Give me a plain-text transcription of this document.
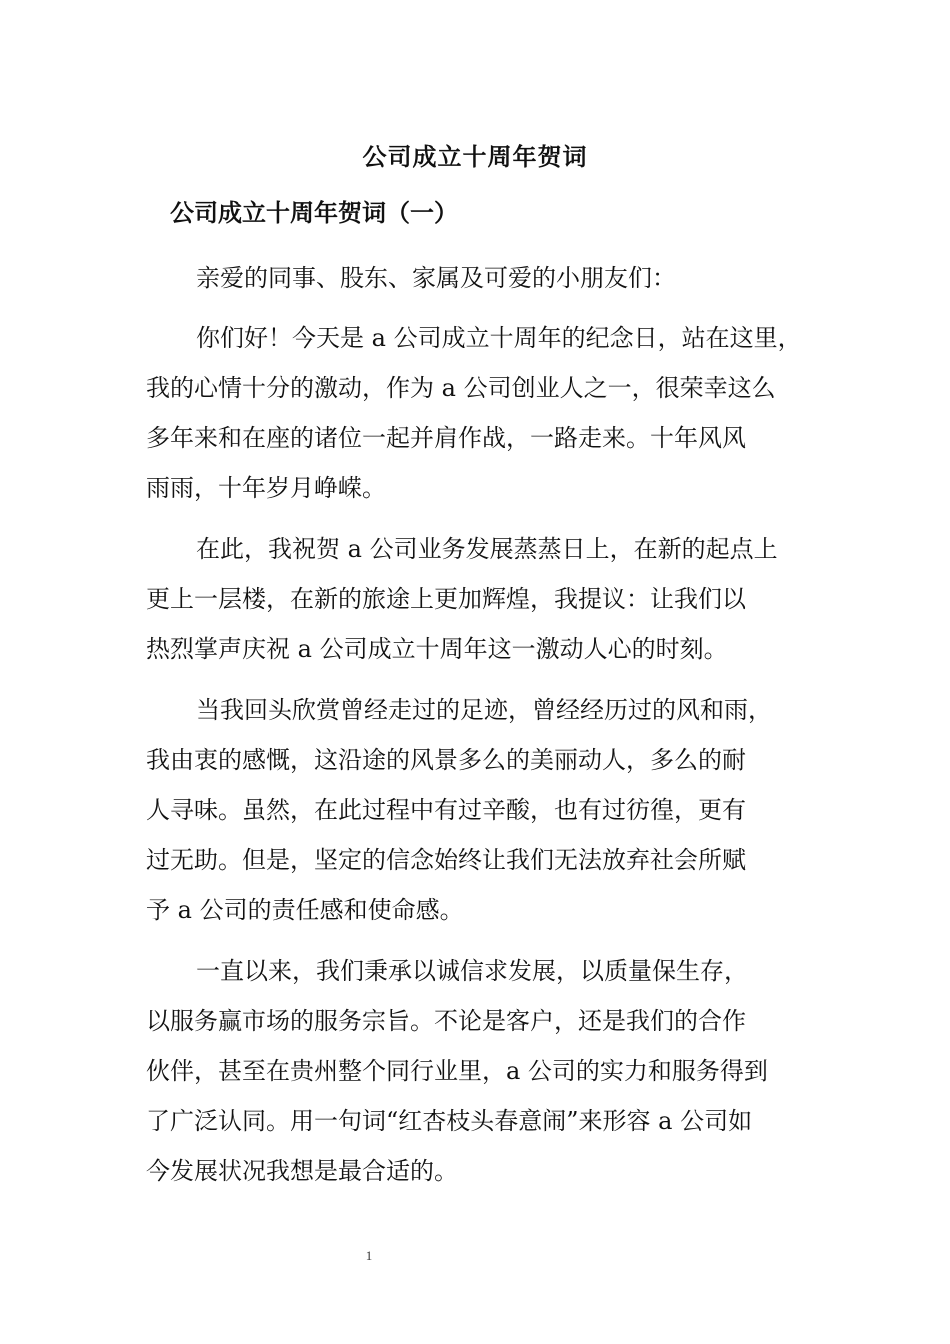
公司成立十周年贺词
公司成立十周年贺词（一）
亲爱的同事、股东、家属及可爱的小朋友们：
你们好！今天是 a 公司成立十周年的纪念日，站在这里，
我的心情十分的激动，作为 a 公司创业人之一，很荣幸这么
多年来和在座的诸位一起并肩作战，一路走来。十年风风
雨雨，十年岁月峥嵘。
在此，我祝贺 a 公司业务发展蒸蒸日上，在新的起点上
更上一层楼，在新的旅途上更加辉煌，我提议：让我们以
热烈掌声庆祝 a 公司成立十周年这一激动人心的时刻。
当我回头欣赏曾经走过的足迹，曾经经历过的风和雨，
我由衷的感慨，这沿途的风景多么的美丽动人，多么的耐
人寻味。虽然，在此过程中有过辛酸，也有过彷徨，更有
过无助。但是，坚定的信念始终让我们无法放弃社会所赋
予 a 公司的责任感和使命感。
一直以来，我们秉承以诚信求发展，以质量保生存，
以服务赢市场的服务宗旨。不论是客户，还是我们的合作
伙伴，甚至在贵州整个同行业里，a 公司的实力和服务得到
了广泛认同。用一句词“红杏枝头春意闹”来形容 a 公司如
今发展状况我想是最合适的。
1
